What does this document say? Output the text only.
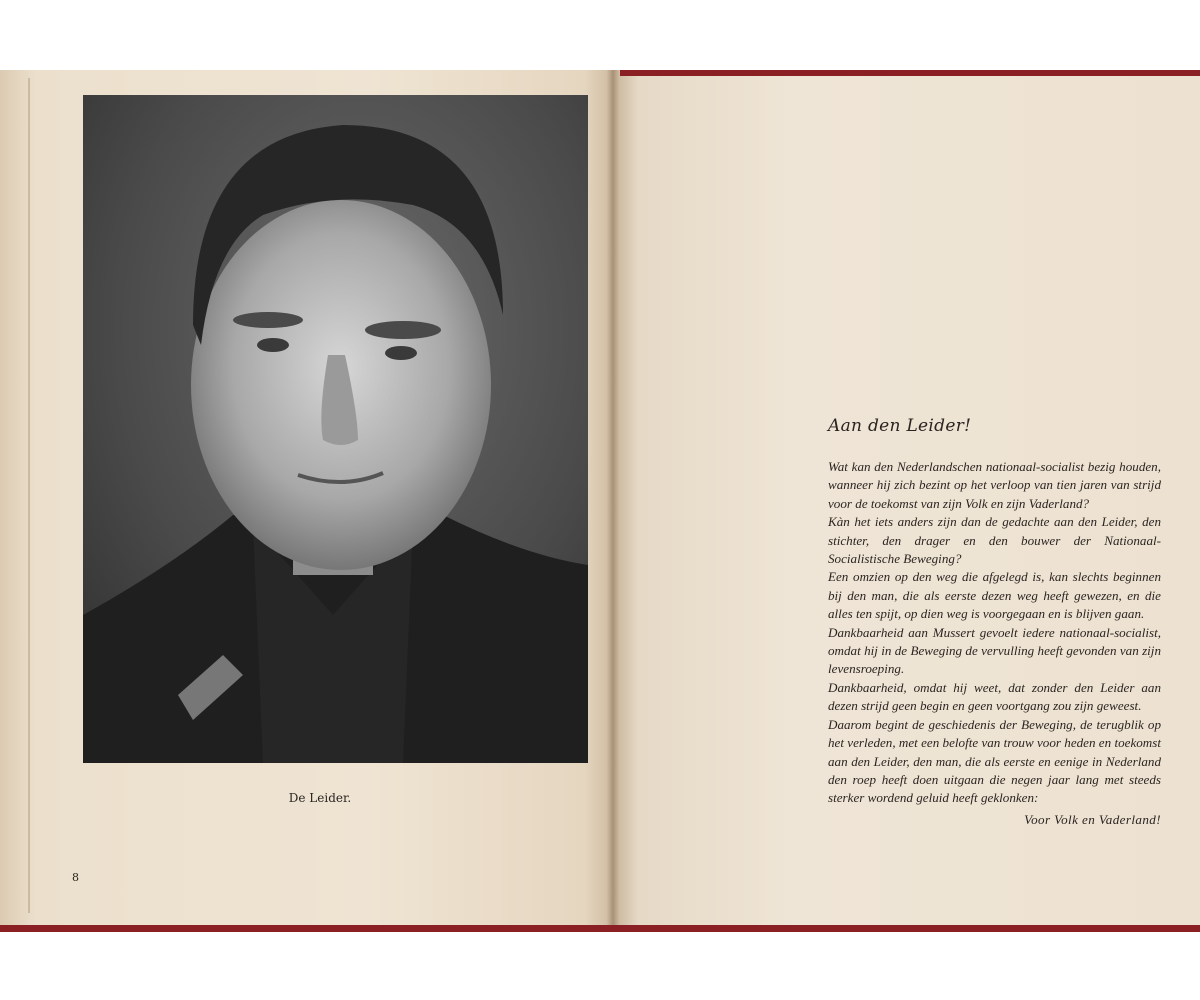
De Leider.
8
Aan den Leider!

Wat kan den Nederlandschen nationaal-socialist bezig houden, wanneer hij zich bezint op het verloop van tien jaren van strijd voor de toekomst van zijn Volk en zijn Vaderland?

Kàn het iets anders zijn dan de gedachte aan den Leider, den stichter, den drager en den bouwer der Nationaal-Socialistische Beweging?

Een omzien op den weg die afgelegd is, kan slechts beginnen bij den man, die als eerste dezen weg heeft gewezen, en die alles ten spijt, op dien weg is voorgegaan en is blijven gaan.

Dankbaarheid aan Mussert gevoelt iedere nationaal-socialist, omdat hij in de Beweging de vervulling heeft gevonden van zijn levensroeping.

Dankbaarheid, omdat hij weet, dat zonder den Leider aan dezen strijd geen begin en geen voortgang zou zijn geweest.

Daarom begint de geschiedenis der Beweging, de terugblik op het verleden, met een belofte van trouw voor heden en toekomst aan den Leider, den man, die als eerste en eenige in Nederland den roep heeft doen uitgaan die negen jaar lang met steeds sterker wordend geluid heeft geklonken:

Voor Volk en Vaderland!
